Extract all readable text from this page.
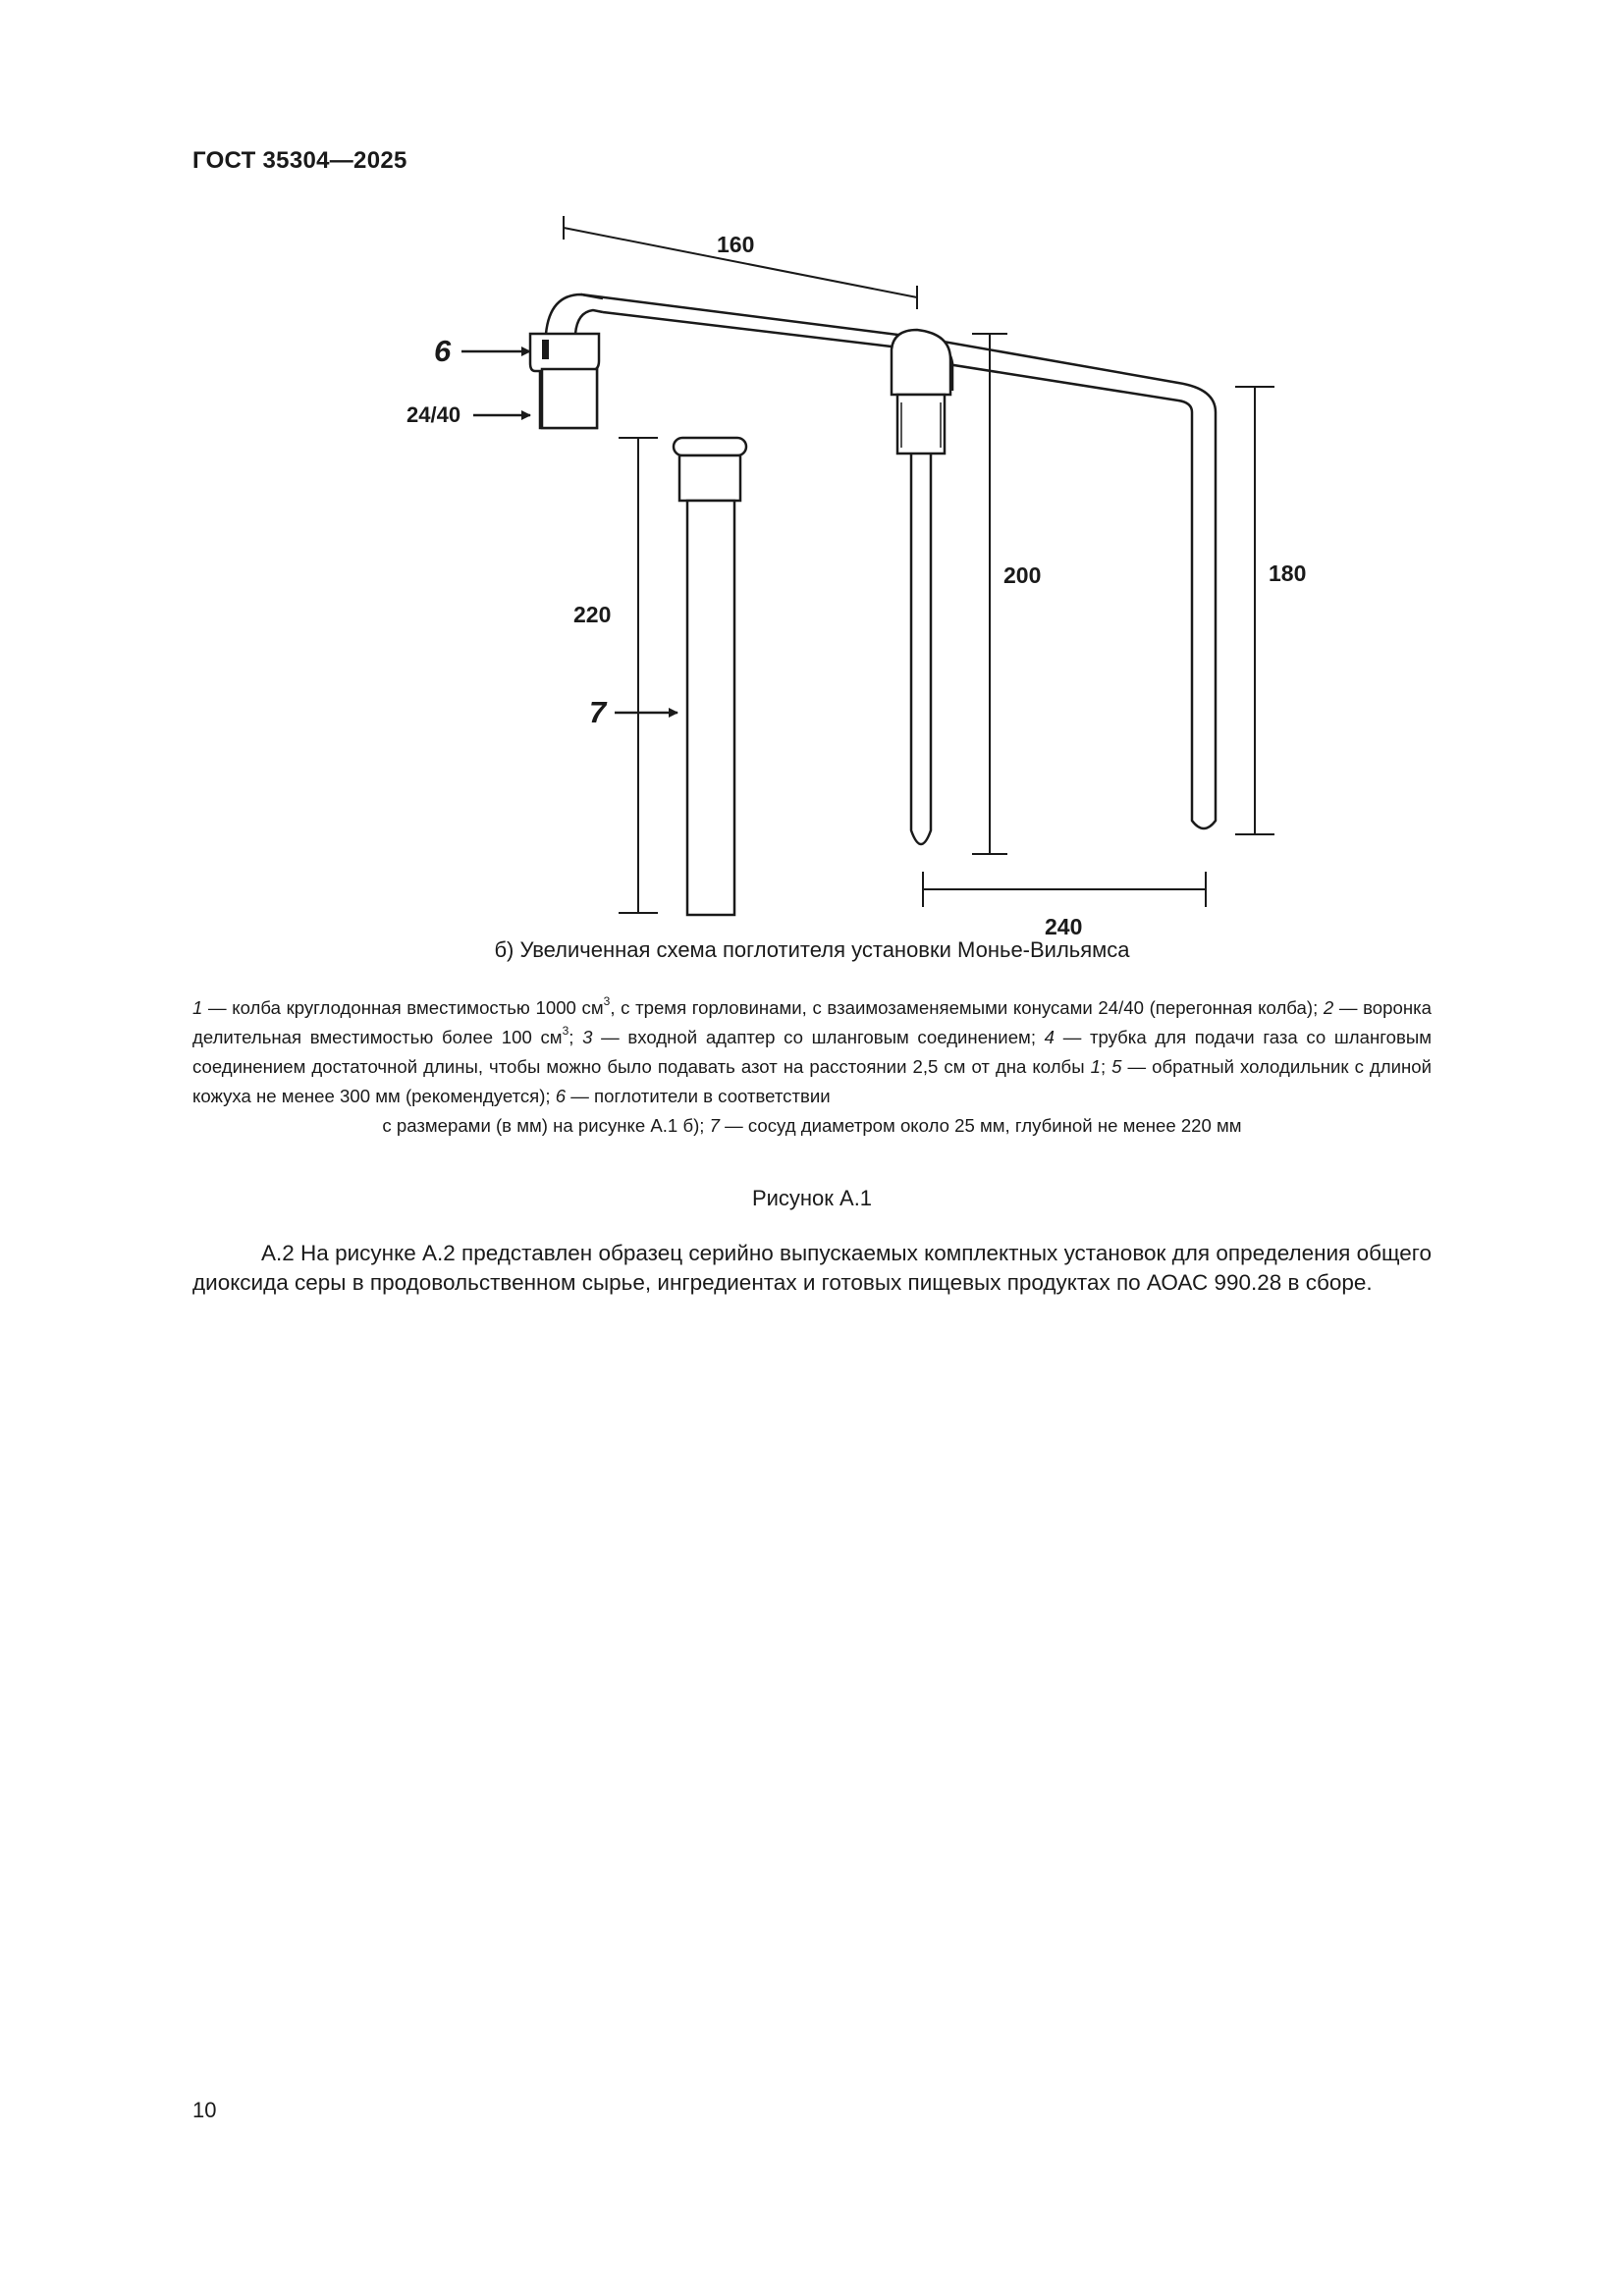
ГОСТ 35304—2025
160
200	180
240
6
24/40
220
7
б) Увеличенная схема поглотителя установки Монье-Вильямса

1 — колба круглодонная вместимостью 1000 $см^3$, с тремя горловинами, с взаимозаменяемыми конусами 24/40 (перегонная колба); 2 — воронка делительная вместимостью более 100 $см^3$; 3 — входной адаптер со шланговым соединением; 4 — трубка для подачи газа со шланговым соединением достаточной длины, чтобы можно было подавать азот на расстоянии 2,5 см от дна колбы 1; 5 — обратный холодильник с длиной кожуха не менее 300 мм (рекомендуется); 6 — поглотители в соответствии

с размерами (в мм) на рисунке А.1 б); 7 — сосуд диаметром около 25 мм, глубиной не менее 220 мм

Рисунок А.1

А.2 На рисунке А.2 представлен образец серийно выпускаемых комплектных установок для определения общего диоксида серы в продовольственном сырье, ингредиентах и готовых пищевых продуктах по АОАС 990.28 в сборе.

10
